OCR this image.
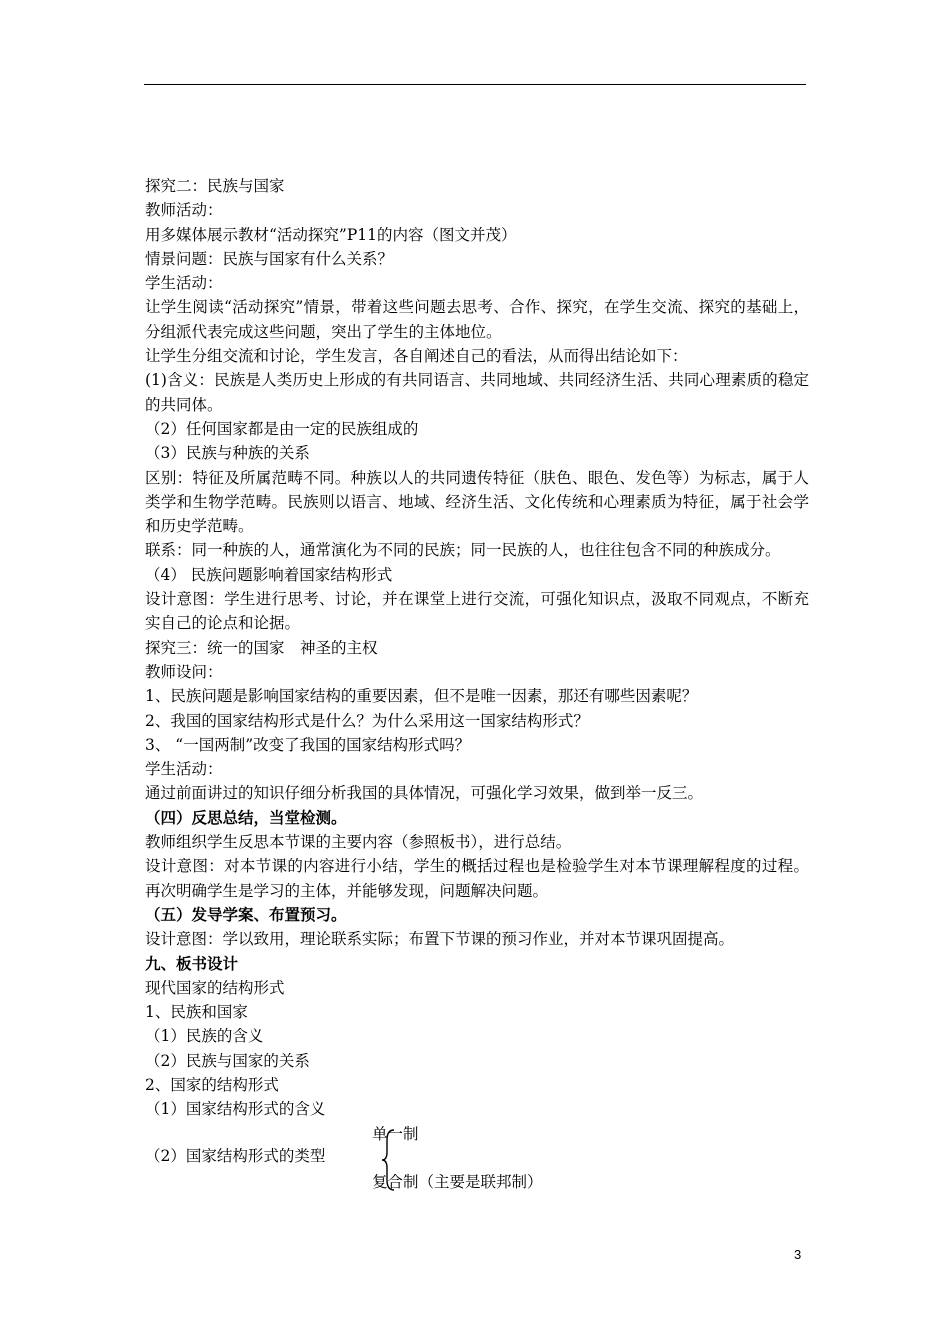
探究二：民族与国家
教师活动：
用多媒体展示教材“活动探究”P11的内容（图文并茂）
情景问题：民族与国家有什么关系？
学生活动：
让学生阅读“活动探究”情景，带着这些问题去思考、合作、探究，在学生交流、探究的基础上，分组派代表完成这些问题，突出了学生的主体地位。
让学生分组交流和讨论，学生发言，各自阐述自己的看法，从而得出结论如下：
(1)含义：民族是人类历史上形成的有共同语言、共同地域、共同经济生活、共同心理素质的稳定的共同体。
（2）任何国家都是由一定的民族组成的
（3）民族与种族的关系
区别：特征及所属范畴不同。种族以人的共同遗传特征（肤色、眼色、发色等）为标志，属于人类学和生物学范畴。民族则以语言、地域、经济生活、文化传统和心理素质为特征，属于社会学和历史学范畴。
联系：同一种族的人，通常演化为不同的民族；同一民族的人，也往往包含不同的种族成分。
（4） 民族问题影响着国家结构形式
设计意图：学生进行思考、讨论，并在课堂上进行交流，可强化知识点，汲取不同观点，不断充实自己的论点和论据。
探究三：统一的国家　神圣的主权
教师设问：
1、民族问题是影响国家结构的重要因素，但不是唯一因素，那还有哪些因素呢？
2、我国的国家结构形式是什么？为什么采用这一国家结构形式？
3、 “一国两制”改变了我国的国家结构形式吗？
学生活动：
通过前面讲过的知识仔细分析我国的具体情况，可强化学习效果，做到举一反三。
（四）反思总结，当堂检测。
教师组织学生反思本节课的主要内容（参照板书），进行总结。
设计意图：对本节课的内容进行小结，学生的概括过程也是检验学生对本节课理解程度的过程。再次明确学生是学习的主体，并能够发现，问题解决问题。
（五）发导学案、布置预习。
设计意图：学以致用，理论联系实际；布置下节课的预习作业，并对本节课巩固提高。
九、板书设计
现代国家的结构形式
1、民族和国家
（1）民族的含义
（2）民族与国家的关系
2、国家的结构形式
（1）国家结构形式的含义
（2）国家结构形式的类型
单一制
复合制（主要是联邦制）
3
